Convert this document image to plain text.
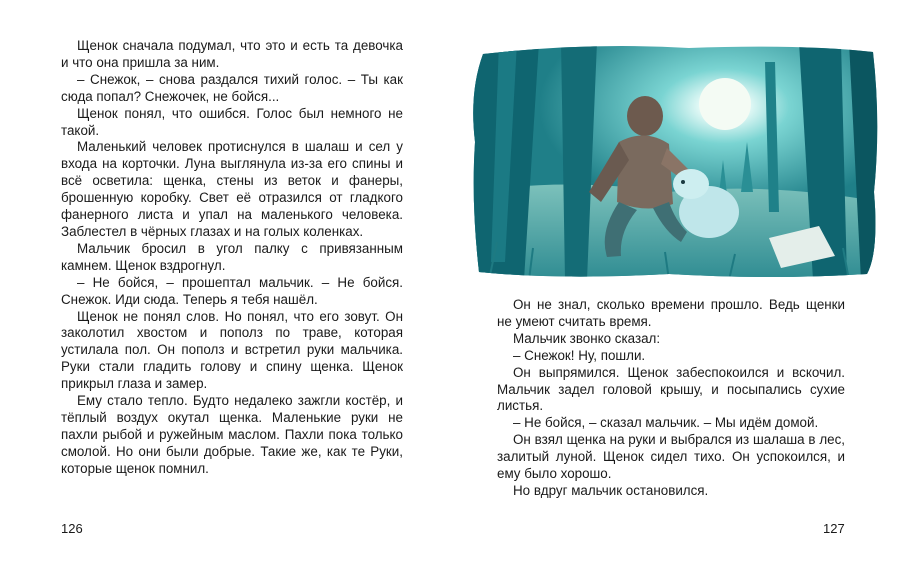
Щенок сначала подумал, что это и есть та девочка и что она пришла за ним.

– Снежок, – снова раздался тихий голос. – Ты как сюда попал? Снежочек, не бойся...

Щенок понял, что ошибся. Голос был немного не такой.

Маленький человек протиснулся в шалаш и сел у входа на корточки. Луна выглянула из-за его спины и всё осветила: щенка, стены из веток и фанеры, брошенную коробку. Свет её отразился от гладкого фанерного листа и упал на маленького человека. Заблестел в чёрных глазах и на голых коленках.

Мальчик бросил в угол палку с привязанным камнем. Щенок вздрогнул.

– Не бойся, – прошептал мальчик. – Не бойся. Снежок. Иди сюда. Теперь я тебя нашёл.

Щенок не понял слов. Но понял, что его зовут. Он заколотил хвостом и пополз по траве, которая устилала пол. Он пополз и встретил руки мальчика. Руки стали гладить голову и спину щенка. Щенок прикрыл глаза и замер.

Ему стало тепло. Будто недалеко зажгли костёр, и тёплый воздух окутал щенка. Маленькие руки не пахли рыбой и ружейным маслом. Пахли пока только смолой. Но они были добрые. Такие же, как те Руки, которые щенок помнил.

126

Он не знал, сколько времени прошло. Ведь щенки не умеют считать время.

Мальчик звонко сказал:

– Снежок! Ну, пошли.

Он выпрямился. Щенок забеспокоился и вскочил. Мальчик задел головой крышу, и посыпались сухие листья.

– Не бойся, – сказал мальчик. – Мы идём домой.

Он взял щенка на руки и выбрался из шалаша в лес, залитый луной. Щенок сидел тихо. Он успокоился, и ему было хорошо.

Но вдруг мальчик остановился.

127
